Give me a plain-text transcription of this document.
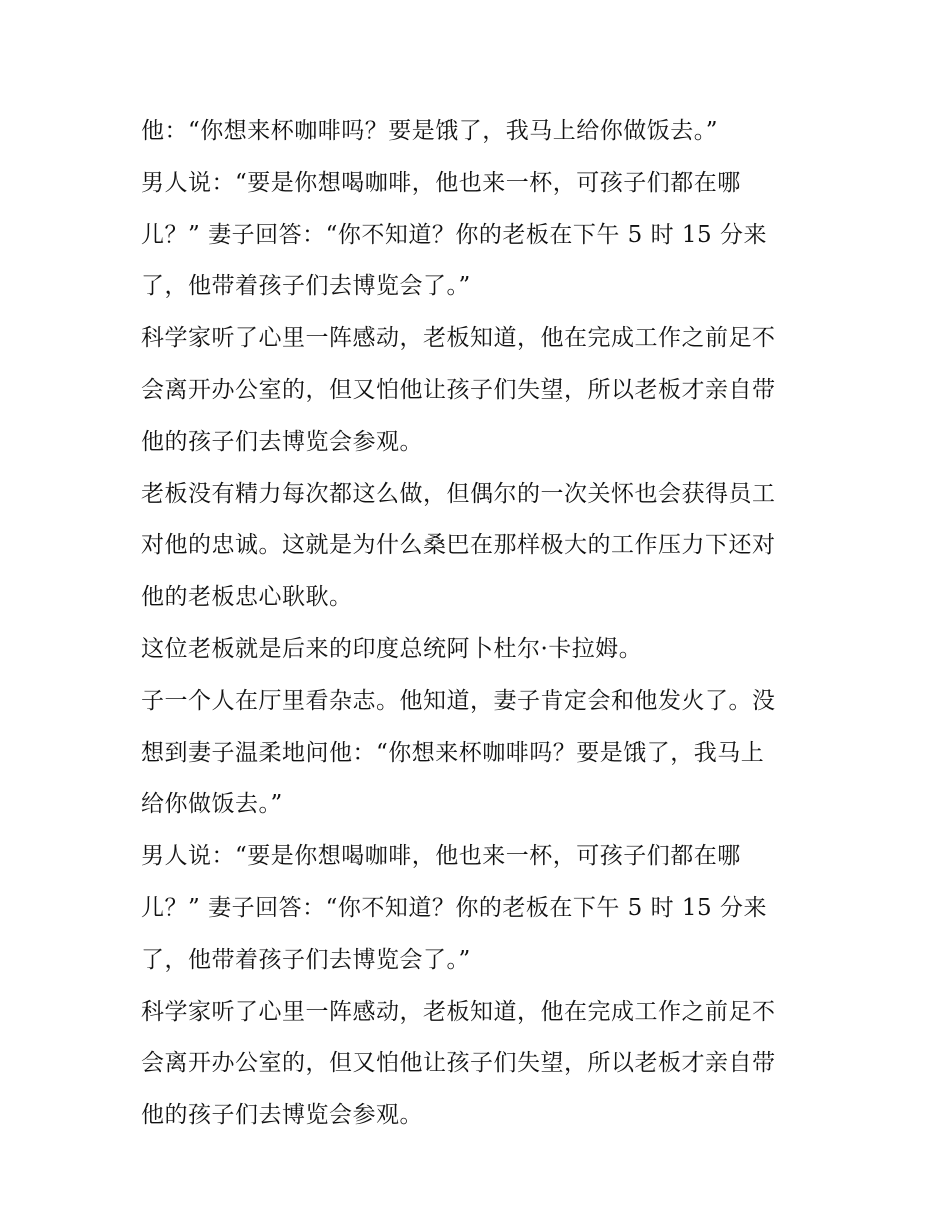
他：“你想来杯咖啡吗？要是饿了，我马上给你做饭去。”
男人说：“要是你想喝咖啡，他也来一杯，可孩子们都在哪
儿？” 妻子回答：“你不知道？你的老板在下午 5 时 15 分来
了，他带着孩子们去博览会了。”
科学家听了心里一阵感动，老板知道，他在完成工作之前足不
会离开办公室的，但又怕他让孩子们失望，所以老板才亲自带
他的孩子们去博览会参观。
老板没有精力每次都这么做，但偶尔的一次关怀也会获得员工
对他的忠诚。这就是为什么桑巴在那样极大的工作压力下还对
他的老板忠心耿耿。
这位老板就是后来的印度总统阿卜杜尔·卡拉姆。
子一个人在厅里看杂志。他知道，妻子肯定会和他发火了。没
想到妻子温柔地问他：“你想来杯咖啡吗？要是饿了，我马上
给你做饭去。”
男人说：“要是你想喝咖啡，他也来一杯，可孩子们都在哪
儿？” 妻子回答：“你不知道？你的老板在下午 5 时 15 分来
了，他带着孩子们去博览会了。”
科学家听了心里一阵感动，老板知道，他在完成工作之前足不
会离开办公室的，但又怕他让孩子们失望，所以老板才亲自带
他的孩子们去博览会参观。
